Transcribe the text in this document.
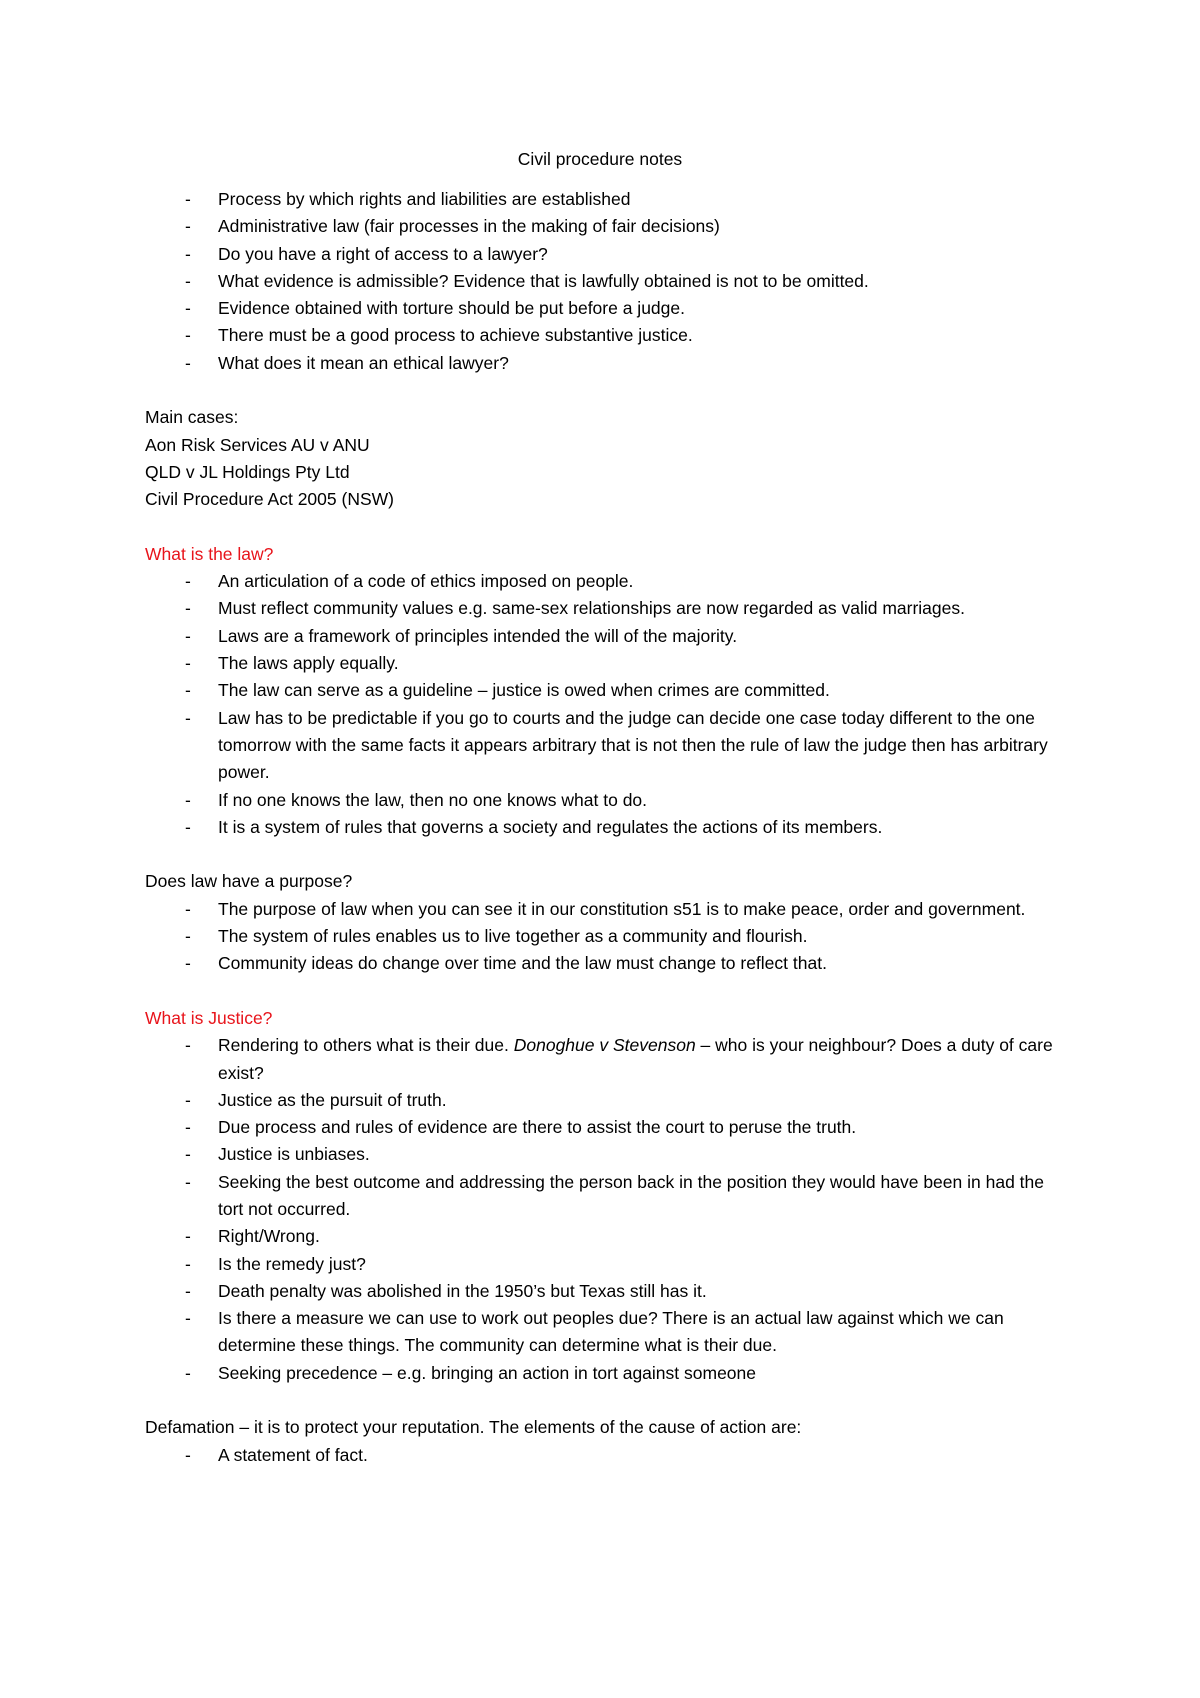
Civil procedure notes
- Process by which rights and liabilities are established
- Administrative law (fair processes in the making of fair decisions)
- Do you have a right of access to a lawyer?
- What evidence is admissible? Evidence that is lawfully obtained is not to be omitted.
- Evidence obtained with torture should be put before a judge.
- There must be a good process to achieve substantive justice.
- What does it mean an ethical lawyer?
Main cases:
Aon Risk Services AU v ANU
QLD v JL Holdings Pty Ltd
Civil Procedure Act 2005 (NSW)
What is the law?
- An articulation of a code of ethics imposed on people.
- Must reflect community values e.g. same-sex relationships are now regarded as valid marriages.
- Laws are a framework of principles intended the will of the majority.
- The laws apply equally.
- The law can serve as a guideline – justice is owed when crimes are committed.
- Law has to be predictable if you go to courts and the judge can decide one case today different to the one tomorrow with the same facts it appears arbitrary that is not then the rule of law the judge then has arbitrary power.
- If no one knows the law, then no one knows what to do.
- It is a system of rules that governs a society and regulates the actions of its members.
Does law have a purpose?
- The purpose of law when you can see it in our constitution s51 is to make peace, order and government.
- The system of rules enables us to live together as a community and flourish.
- Community ideas do change over time and the law must change to reflect that.
What is Justice?
- Rendering to others what is their due. Donoghue v Stevenson – who is your neighbour? Does a duty of care exist?
- Justice as the pursuit of truth.
- Due process and rules of evidence are there to assist the court to peruse the truth.
- Justice is unbiases.
- Seeking the best outcome and addressing the person back in the position they would have been in had the tort not occurred.
- Right/Wrong.
- Is the remedy just?
- Death penalty was abolished in the 1950’s but Texas still has it.
- Is there a measure we can use to work out peoples due? There is an actual law against which we can determine these things. The community can determine what is their due.
- Seeking precedence – e.g. bringing an action in tort against someone
Defamation – it is to protect your reputation. The elements of the cause of action are:
- A statement of fact.
